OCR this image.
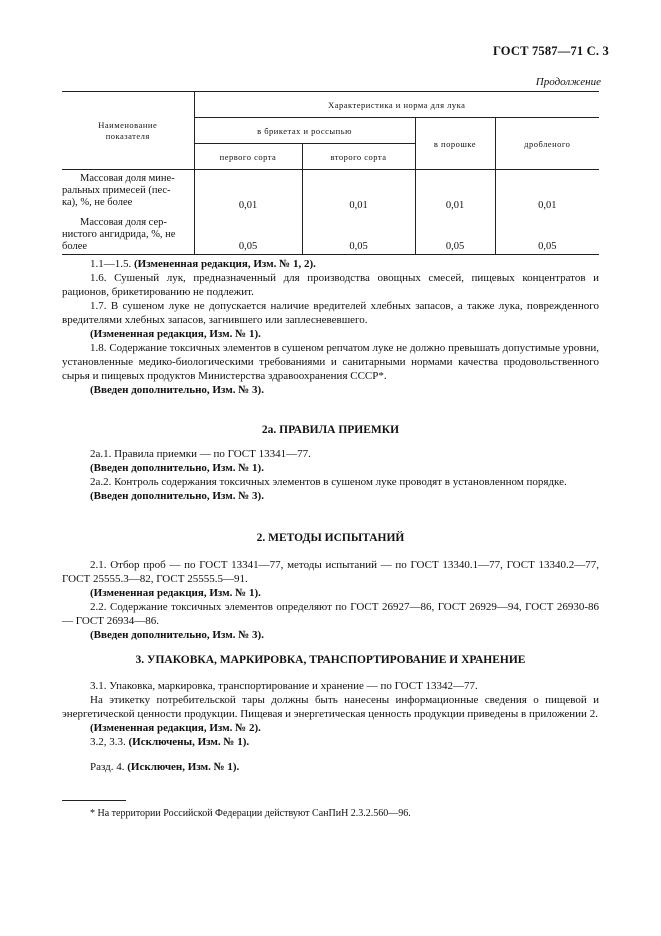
ГОСТ 7587—71 С. 3
Продолжение
Наименование показателя	Характеристика и норма для лука			
	в брикетах и россыпью		в порошке	дробленого
	первого сорта	второго сорта		

Массовая доля мине-
ральных примесей (пес-
ка), %, не более	0,01	0,01	0,01	0,01

Массовая доля сер-
нистого ангидрида, %, не
более	0,05	0,05	0,05	0,05

1.1—1.5. (Измененная редакция, Изм. № 1, 2).

1.6. Сушеный лук, предназначенный для производства овощных смесей, пищевых концентратов и рационов, брикетированию не подлежит.

1.7. В сушеном луке не допускается наличие вредителей хлебных запасов, а также лука, поврежденного вредителями хлебных запасов, загнившего или заплесневевшего.

(Измененная редакция, Изм. № 1).

1.8. Содержание токсичных элементов в сушеном репчатом луке не должно превышать допустимые уровни, установленные медико-биологическими требованиями и санитарными нормами качества продовольственного сырья и пищевых продуктов Министерства здравоохранения СССР*.

(Введен дополнительно, Изм. № 3).

2а. ПРАВИЛА ПРИЕМКИ

2а.1. Правила приемки — по ГОСТ 13341—77.

(Введен дополнительно, Изм. № 1).

2а.2. Контроль содержания токсичных элементов в сушеном луке проводят в установленном порядке.

(Введен дополнительно, Изм. № 3).

2. МЕТОДЫ ИСПЫТАНИЙ

2.1. Отбор проб — по ГОСТ 13341—77, методы испытаний — по ГОСТ 13340.1—77, ГОСТ 13340.2—77, ГОСТ 25555.3—82, ГОСТ 25555.5—91.

(Измененная редакция, Изм. № 1).

2.2. Содержание токсичных элементов определяют по ГОСТ 26927—86, ГОСТ 26929—94, ГОСТ 26930-86 — ГОСТ 26934—86.

(Введен дополнительно, Изм. № 3).

3. УПАКОВКА, МАРКИРОВКА, ТРАНСПОРТИРОВАНИЕ И ХРАНЕНИЕ

3.1. Упаковка, маркировка, транспортирование и хранение — по ГОСТ 13342—77.

На этикетку потребительской тары должны быть нанесены информационные сведения о пищевой и энергетической ценности продукции. Пищевая и энергетическая ценность продукции приведены в приложении 2.

(Измененная редакция, Изм. № 2).

3.2, 3.3. (Исключены, Изм. № 1).

Разд. 4. (Исключен, Изм. № 1).

* На территории Российской Федерации действуют СанПиН 2.3.2.560—96.
